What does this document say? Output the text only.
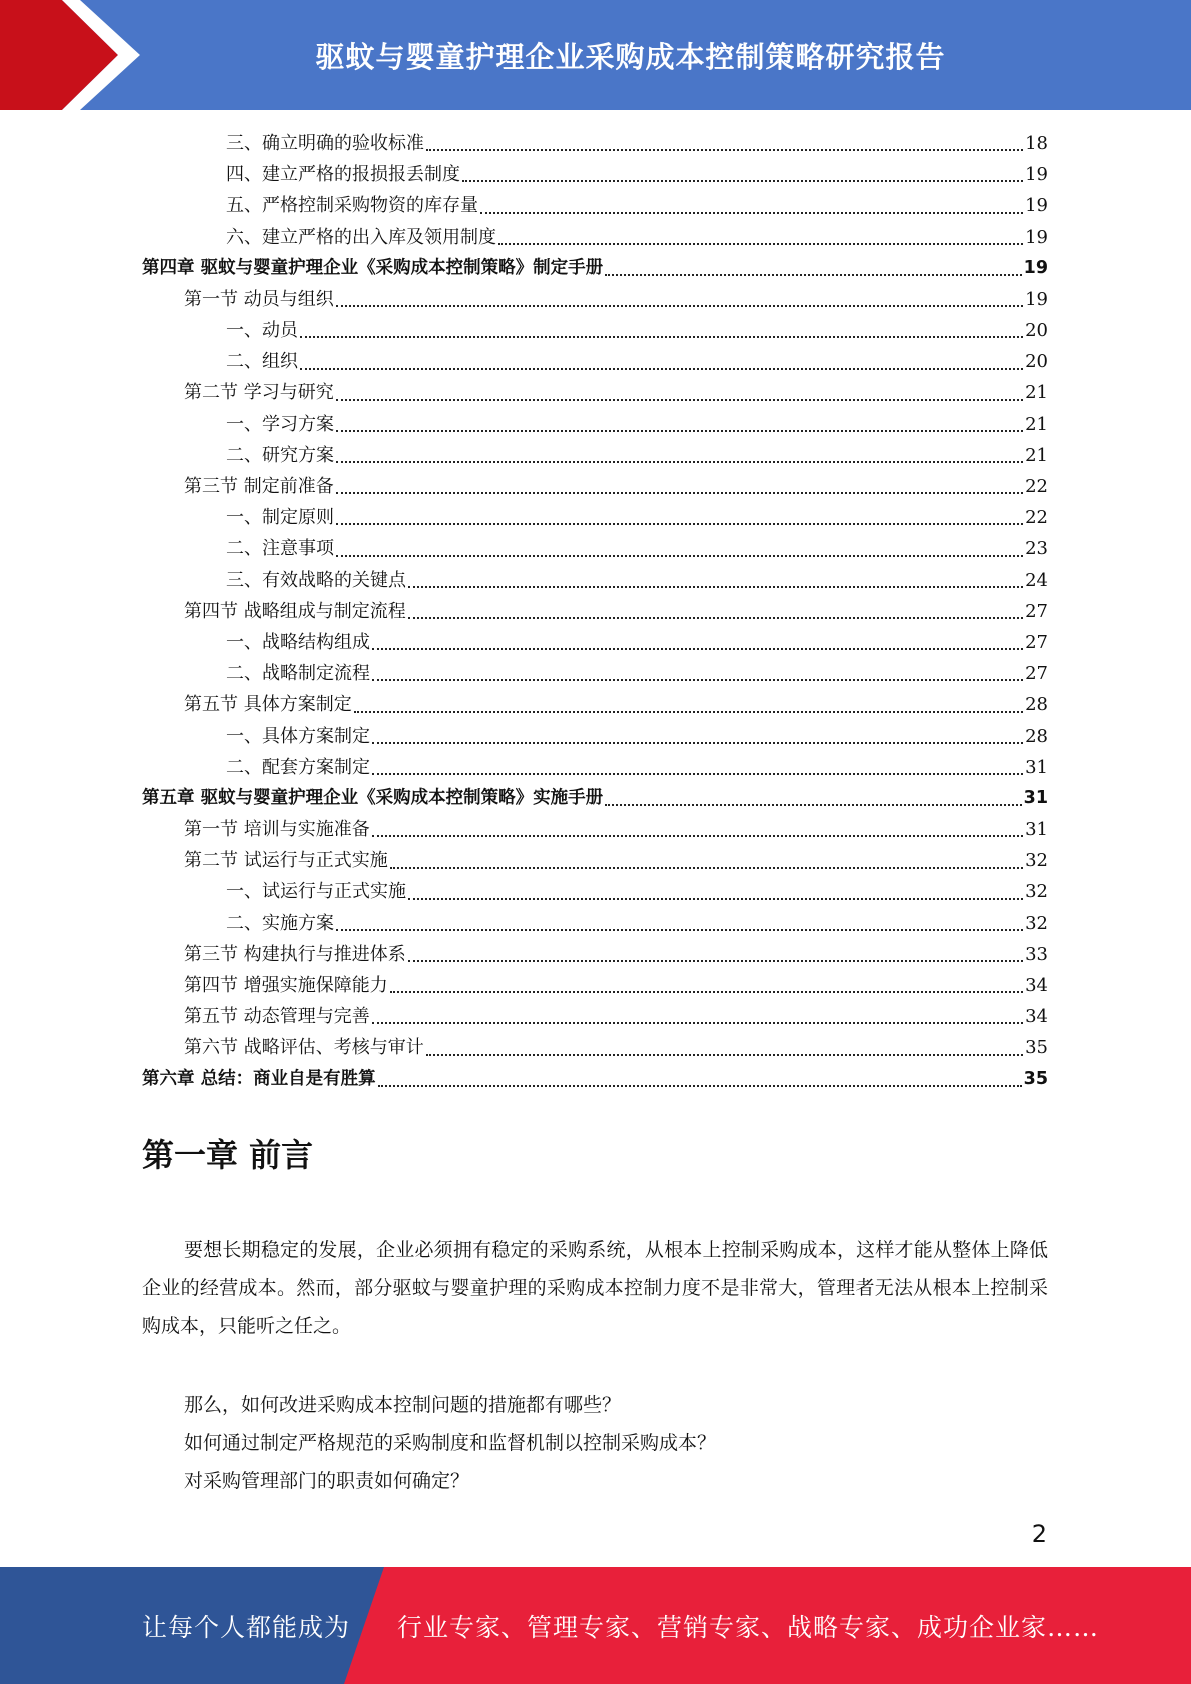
驱蚊与婴童护理企业采购成本控制策略研究报告
三、确立明确的验收标准	18
四、建立严格的报损报丢制度	19
五、严格控制采购物资的库存量	19
六、建立严格的出入库及领用制度	19
第四章 驱蚊与婴童护理企业《采购成本控制策略》制定手册	19
第一节 动员与组织	19
一、动员	20
二、组织	20
第二节 学习与研究	21
一、学习方案	21
二、研究方案	21
第三节 制定前准备	22
一、制定原则	22
二、注意事项	23
三、有效战略的关键点	24
第四节 战略组成与制定流程	27
一、战略结构组成	27
二、战略制定流程	27
第五节 具体方案制定	28
一、具体方案制定	28
二、配套方案制定	31
第五章 驱蚊与婴童护理企业《采购成本控制策略》实施手册	31
第一节 培训与实施准备	31
第二节 试运行与正式实施	32
一、试运行与正式实施	32
二、实施方案	32
第三节 构建执行与推进体系	33
第四节 增强实施保障能力	34
第五节 动态管理与完善	34
第六节 战略评估、考核与审计	35
第六章 总结：商业自是有胜算	35
第一章 前言
要想长期稳定的发展，企业必须拥有稳定的采购系统，从根本上控制采购成本，这样才能从整体上降低企业的经营成本。然而，部分驱蚊与婴童护理的采购成本控制力度不是非常大，管理者无法从根本上控制采购成本，只能听之任之。
那么，如何改进采购成本控制问题的措施都有哪些？
如何通过制定严格规范的采购制度和监督机制以控制采购成本？
对采购管理部门的职责如何确定？
2
让每个人都能成为 行业专家、管理专家、营销专家、战略专家、成功企业家……
